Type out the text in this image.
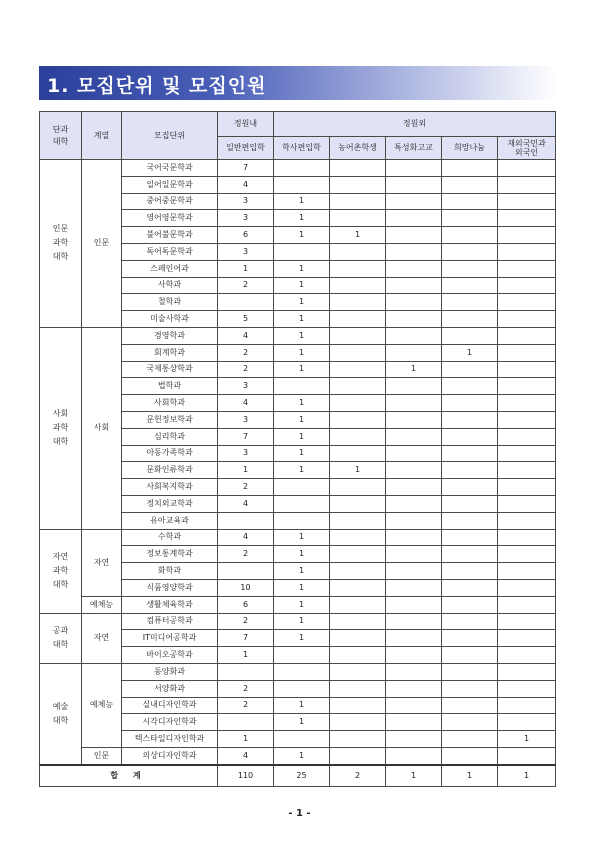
1. 모집단위 및 모집인원
단과
대학	계열	모집단위	정원내	정원외				
			일반편입학	학사편입학	농어촌학생	특성화고교	희망나눔	재외국민과
외국인
인문
과학
대학	인문	국어국문학과	7					
		일어일문학과	4					
		중어중문학과	3	1				
		영어영문학과	3	1				
		불어불문학과	6	1	1			
		독어독문학과	3					
		스페인어과	1	1				
		사학과	2	1				
		철학과		1				
		미술사학과	5	1				
사회
과학
대학	사회	경영학과	4	1				
		회계학과	2	1			1	
		국제통상학과	2	1		1		
		법학과	3					
		사회학과	4	1				
		문헌정보학과	3	1				
		심리학과	7	1				
		아동가족학과	3	1				
		문화인류학과	1	1	1			
		사회복지학과	2					
		정치외교학과	4					
		유아교육과						
자연
과학
대학	자연	수학과	4	1				
		정보통계학과	2	1				
		화학과		1				
		식품영양학과	10	1				
	예체능	생활체육학과	6	1				
공과
대학	자연	컴퓨터공학과	2	1				
		IT미디어공학과	7	1				
		바이오공학과	1					
예술
대학	예체능	동양화과						
		서양화과	2					
		실내디자인학과	2	1				
		시각디자인학과		1				
		텍스타일디자인학과	1					1
	인문	의상디자인학과	4	1				
합 계			110	25	2	1	1	1
- 1 -
